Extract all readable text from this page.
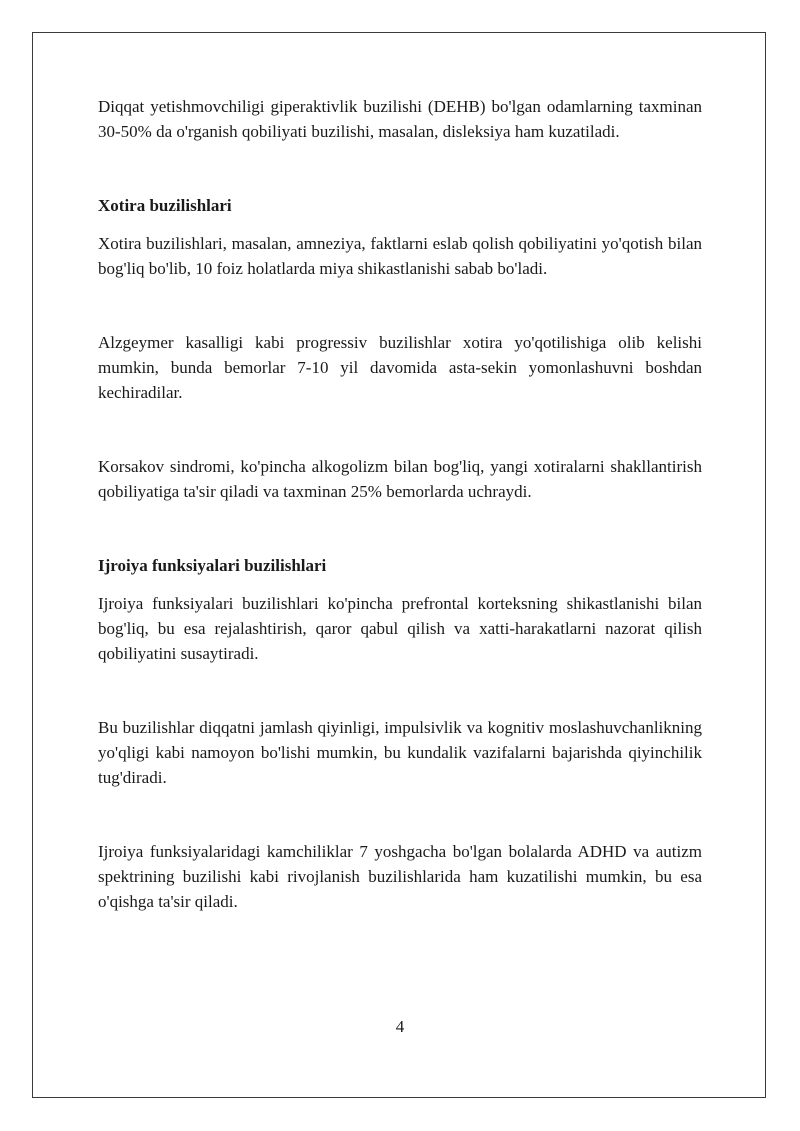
Diqqat yetishmovchiligi giperaktivlik buzilishi (DEHB) bo'lgan odamlarning taxminan 30-50% da o'rganish qobiliyati buzilishi, masalan, disleksiya ham kuzatiladi.

Xotira buzilishlari

Xotira buzilishlari, masalan, amneziya, faktlarni eslab qolish qobiliyatini yo'qotish bilan bog'liq bo'lib, 10 foiz holatlarda miya shikastlanishi sabab bo'ladi.

Alzgeymer kasalligi kabi progressiv buzilishlar xotira yo'qotilishiga olib kelishi mumkin, bunda bemorlar 7-10 yil davomida asta-sekin yomonlashuvni boshdan kechiradilar.

Korsakov sindromi, ko'pincha alkogolizm bilan bog'liq, yangi xotiralarni shakllantirish qobiliyatiga ta'sir qiladi va taxminan 25% bemorlarda uchraydi.

Ijroiya funksiyalari buzilishlari

Ijroiya funksiyalari buzilishlari ko'pincha prefrontal korteksning shikastlanishi bilan bog'liq, bu esa rejalashtirish, qaror qabul qilish va xatti-harakatlarni nazorat qilish qobiliyatini susaytiradi.

Bu buzilishlar diqqatni jamlash qiyinligi, impulsivlik va kognitiv moslashuvchanlikning yo'qligi kabi namoyon bo'lishi mumkin, bu kundalik vazifalarni bajarishda qiyinchilik tug'diradi.

Ijroiya funksiyalaridagi kamchiliklar 7 yoshgacha bo'lgan bolalarda ADHD va autizm spektrining buzilishi kabi rivojlanish buzilishlarida ham kuzatilishi mumkin, bu esa o'qishga ta'sir qiladi.

4
